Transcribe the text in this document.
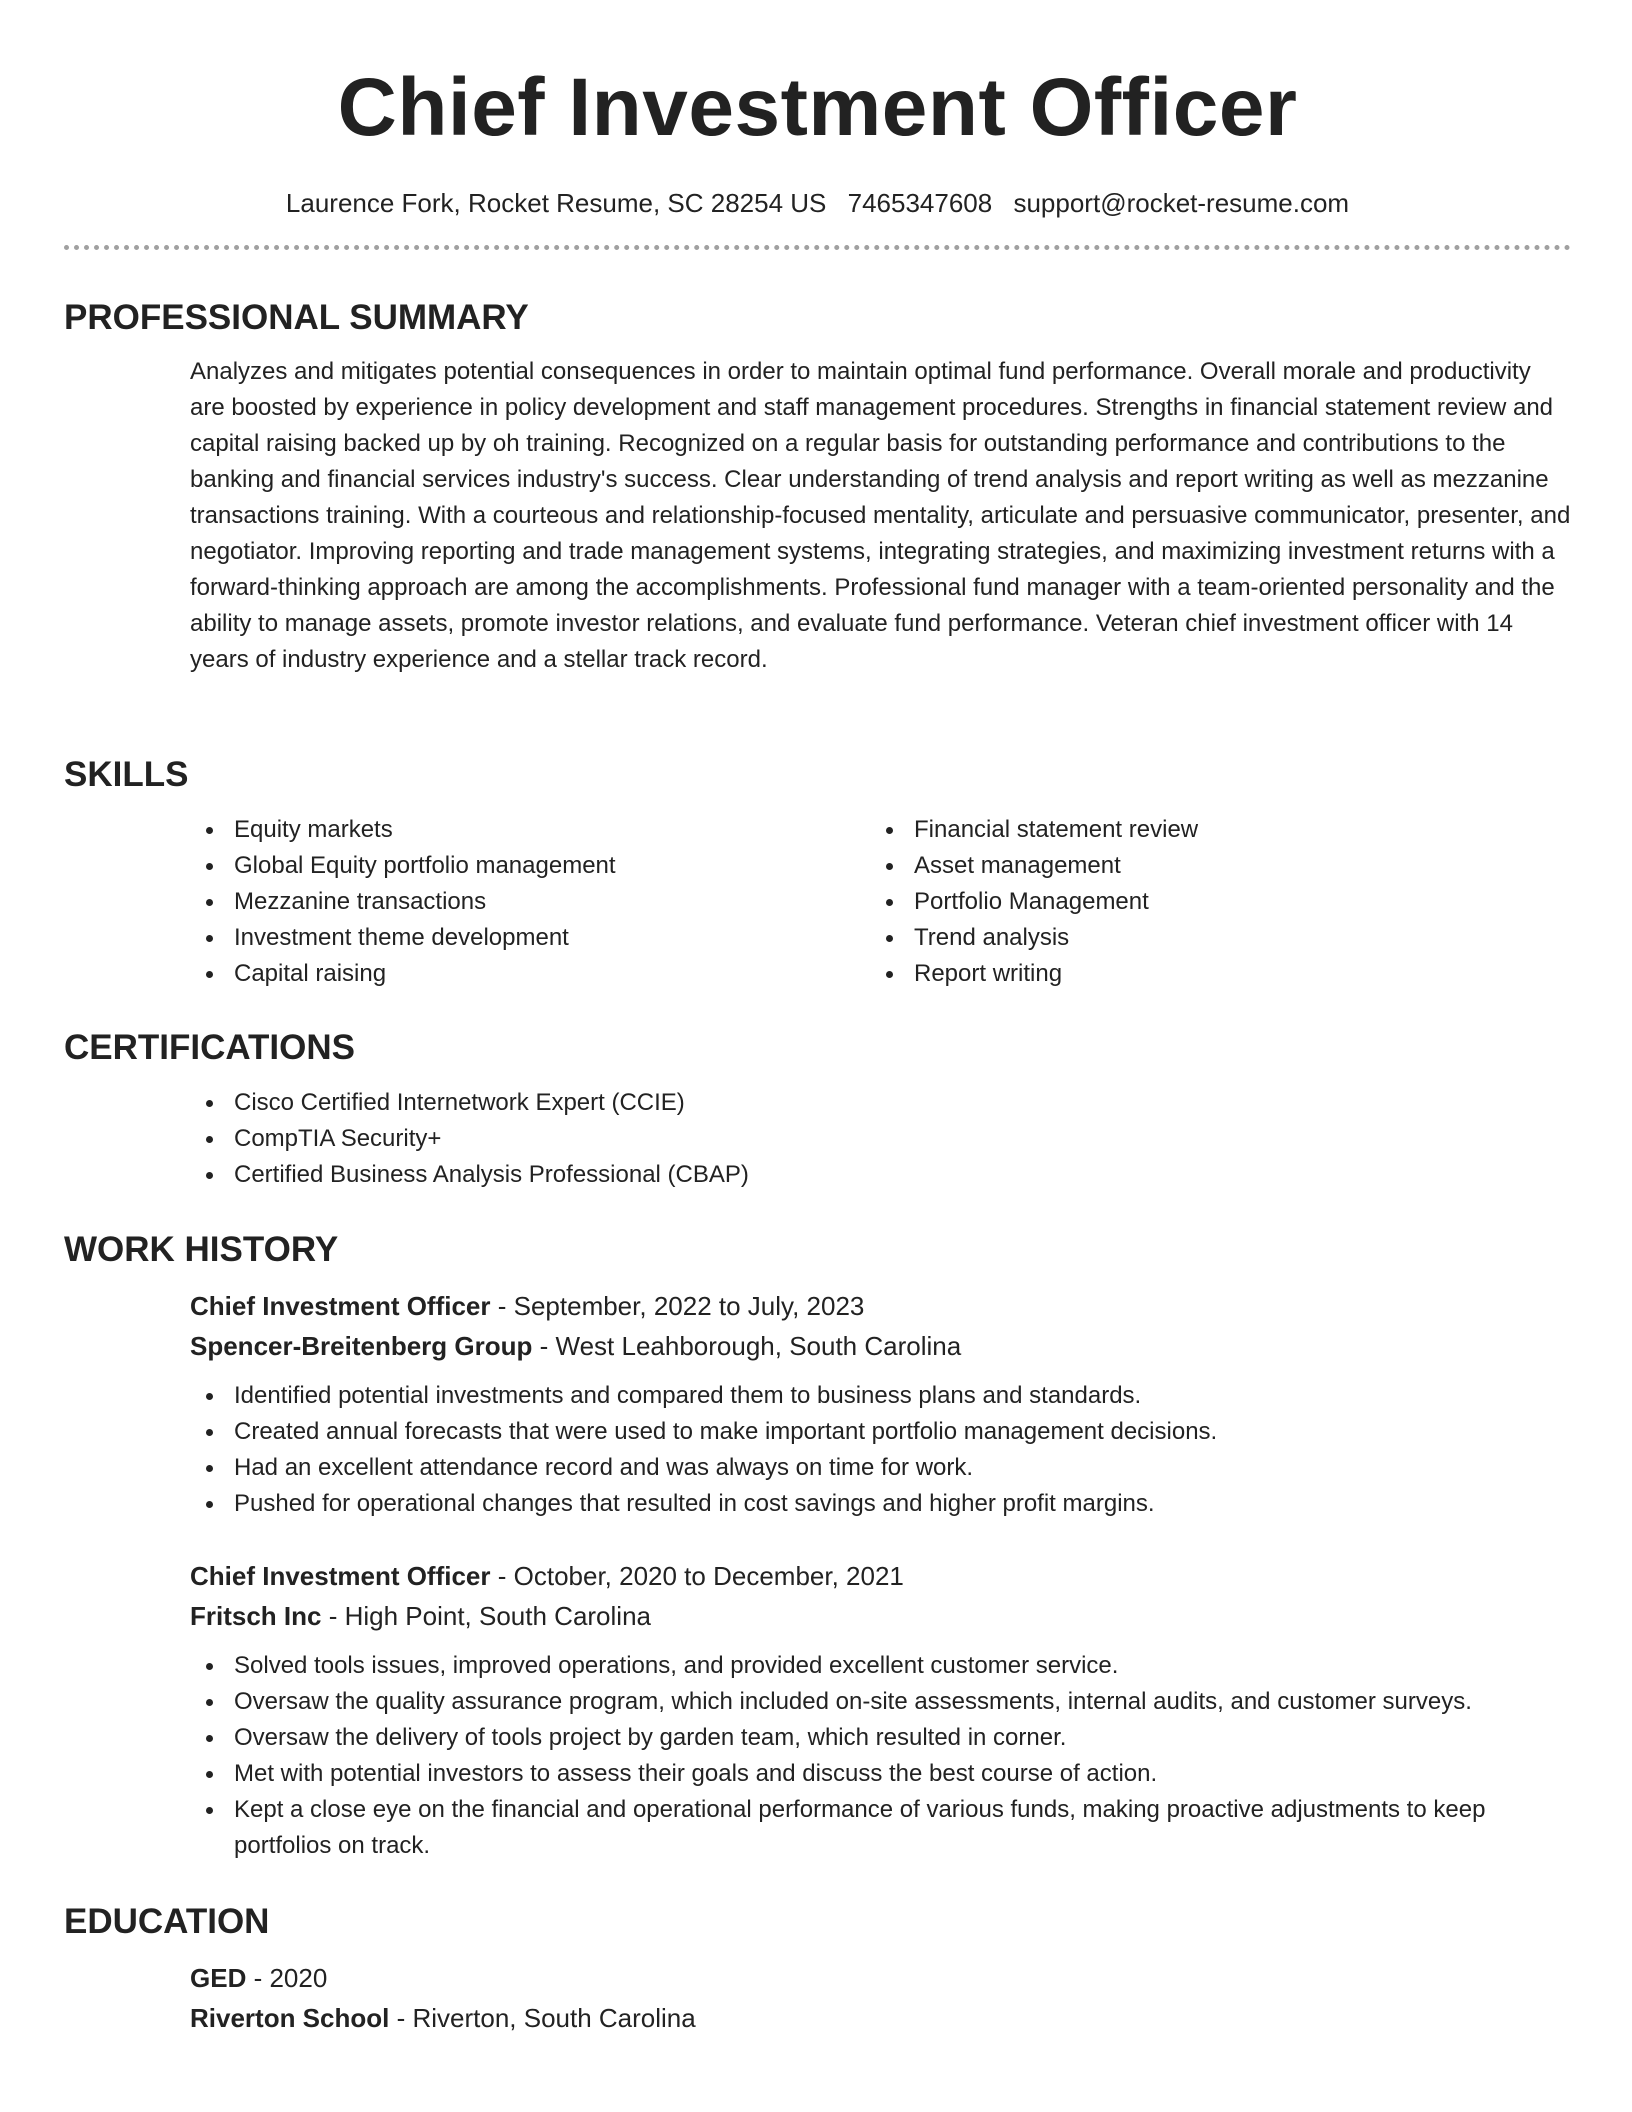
Chief Investment Officer
Laurence Fork, Rocket Resume, SC 28254 US 7465347608 support@rocket-resume.com
PROFESSIONAL SUMMARY

Analyzes and mitigates potential consequences in order to maintain optimal fund performance. Overall morale and productivity are boosted by experience in policy development and staff management procedures. Strengths in financial statement review and capital raising backed up by oh training. Recognized on a regular basis for outstanding performance and contributions to the banking and financial services industry's success. Clear understanding of trend analysis and report writing as well as mezzanine transactions training. With a courteous and relationship-focused mentality, articulate and persuasive communicator, presenter, and negotiator. Improving reporting and trade management systems, integrating strategies, and maximizing investment returns with a forward-thinking approach are among the accomplishments. Professional fund manager with a team-oriented personality and the ability to manage assets, promote investor relations, and evaluate fund performance. Veteran chief investment officer with 14 years of industry experience and a stellar track record.

SKILLS
Equity markets
Global Equity portfolio management
Mezzanine transactions
Investment theme development
Capital raising
Financial statement review
Asset management
Portfolio Management
Trend analysis
Report writing
CERTIFICATIONS
Cisco Certified Internetwork Expert (CCIE)
CompTIA Security+
Certified Business Analysis Professional (CBAP)
WORK HISTORY
Chief Investment Officer - September, 2022 to July, 2023
Spencer-Breitenberg Group - West Leahborough, South Carolina
Identified potential investments and compared them to business plans and standards.
Created annual forecasts that were used to make important portfolio management decisions.
Had an excellent attendance record and was always on time for work.
Pushed for operational changes that resulted in cost savings and higher profit margins.
Chief Investment Officer - October, 2020 to December, 2021
Fritsch Inc - High Point, South Carolina
Solved tools issues, improved operations, and provided excellent customer service.
Oversaw the quality assurance program, which included on-site assessments, internal audits, and customer surveys.
Oversaw the delivery of tools project by garden team, which resulted in corner.
Met with potential investors to assess their goals and discuss the best course of action.
Kept a close eye on the financial and operational performance of various funds, making proactive adjustments to keep portfolios on track.
EDUCATION
GED - 2020
Riverton School - Riverton, South Carolina
